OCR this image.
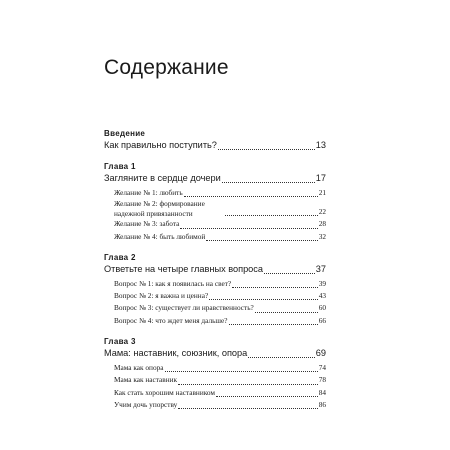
Содержание
Введение
Как правильно поступить?	13
Глава 1
Загляните в сердце дочери	17
Желание № 1: любить	21
Желание № 2: формирование надежной привязанности	22
Желание № 3: забота	28
Желание № 4: быть любимой	32
Глава 2
Ответьте на четыре главных вопроса	37
Вопрос № 1: как я появилась на свет?	39
Вопрос № 2: я важна и ценна?	43
Вопрос № 3: существует ли нравственность?	60
Вопрос № 4: что ждет меня дальше?	66
Глава 3
Мама: наставник, союзник, опора	69
Мама как опора	74
Мама как наставник	78
Как стать хорошим наставником	84
Учим дочь упорству	86
